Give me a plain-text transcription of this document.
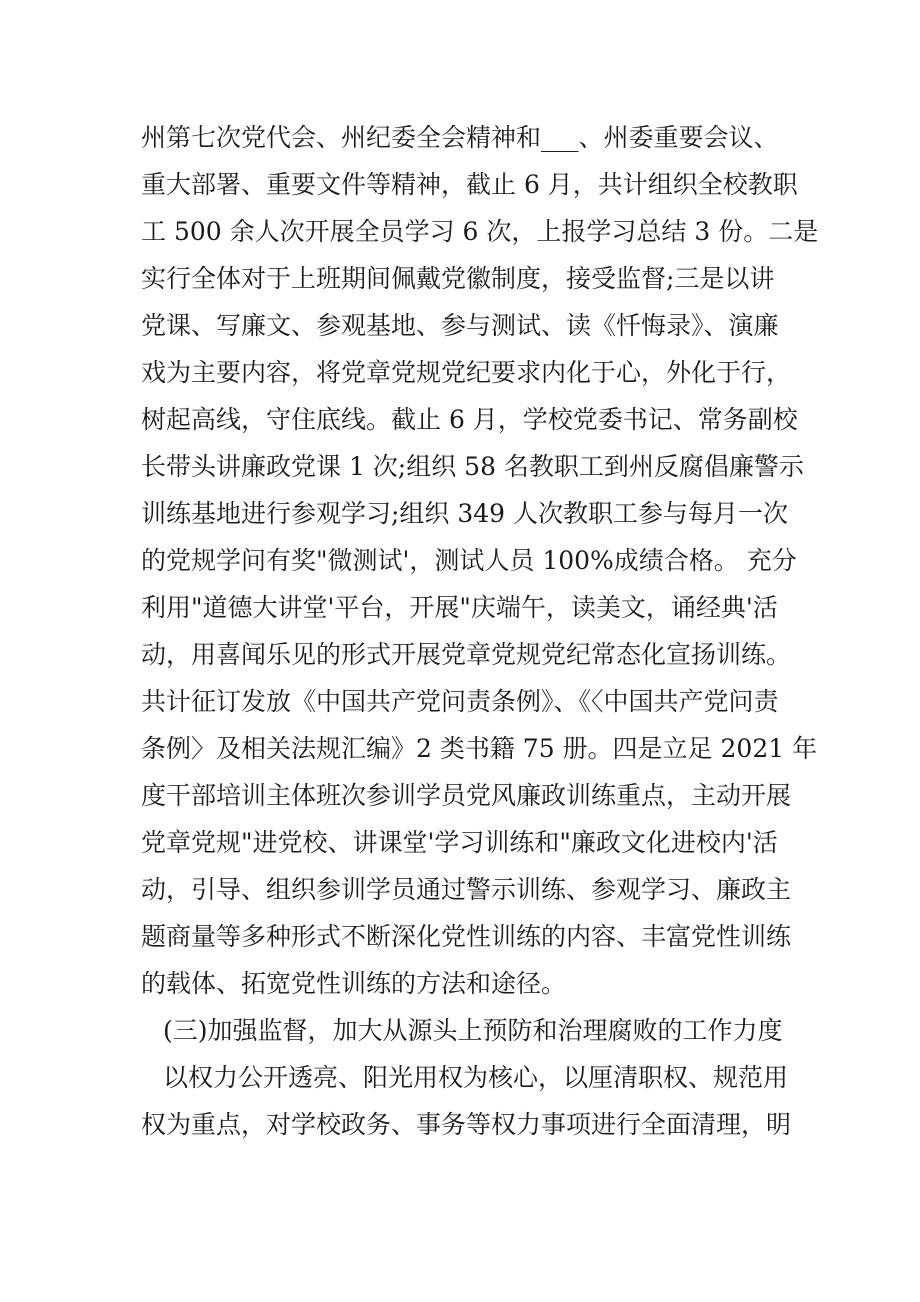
州第七次党代会、州纪委全会精神和___、州委重要会议、
重大部署、重要文件等精神，截止 6 月，共计组织全校教职
工 500 余人次开展全员学习 6 次，上报学习总结 3 份。二是
实行全体对于上班期间佩戴党徽制度，接受监督;三是以讲
党课、写廉文、参观基地、参与测试、读《忏悔录》、演廉
戏为主要内容，将党章党规党纪要求内化于心，外化于行，
树起高线，守住底线。截止 6 月，学校党委书记、常务副校
长带头讲廉政党课 1 次;组织 58 名教职工到州反腐倡廉警示
训练基地进行参观学习;组织 349 人次教职工参与每月一次
的党规学问有奖"微测试'，测试人员 100%成绩合格。 充分
利用"道德大讲堂'平台，开展"庆端午，读美文，诵经典'活
动，用喜闻乐见的形式开展党章党规党纪常态化宣扬训练。
共计征订发放《中国共产党问责条例》、《〈中国共产党问责
条例〉及相关法规汇编》2 类书籍 75 册。四是立足 2021 年
度干部培训主体班次参训学员党风廉政训练重点，主动开展
党章党规"进党校、讲课堂'学习训练和"廉政文化进校内'活
动，引导、组织参训学员通过警示训练、参观学习、廉政主
题商量等多种形式不断深化党性训练的内容、丰富党性训练
的载体、拓宽党性训练的方法和途径。
(三)加强监督，加大从源头上预防和治理腐败的工作力度
以权力公开透亮、阳光用权为核心，以厘清职权、规范用
权为重点，对学校政务、事务等权力事项进行全面清理，明
